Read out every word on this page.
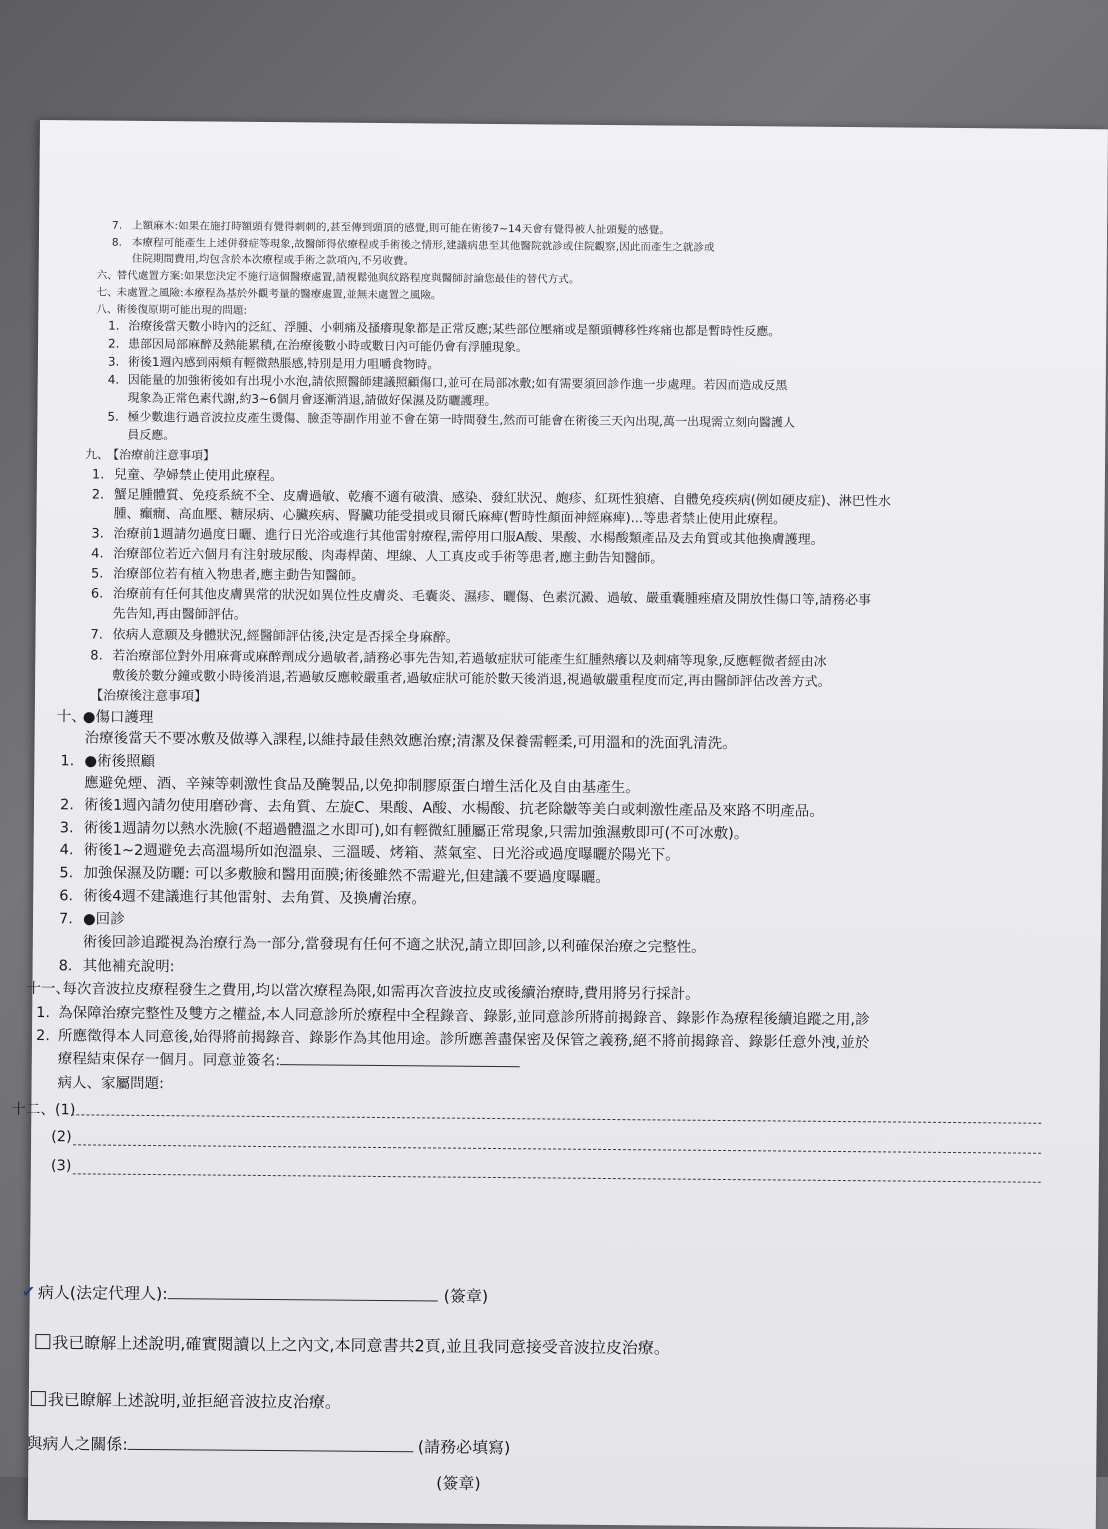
7. 上額麻木:如果在施打時額頭有覺得刺刺的,甚至傳到頭頂的感覺,則可能在術後7~14天會有覺得被人扯頭髮的感覺。
8. 本療程可能產生上述併發症等現象,故醫師得依療程或手術後之情形,建議病患至其他醫院就診或住院觀察,因此而產生之就診或
住院期間費用,均包含於本次療程或手術之款項內,不另收費。
六、替代處置方案:如果您決定不施行這個醫療處置,請視鬆弛與紋路程度與醫師討論您最佳的替代方式。
七、未處置之風險:本療程為基於外觀考量的醫療處置,並無未處置之風險。
八、術後復原期可能出現的問題:
1. 治療後當天數小時內的泛紅、浮腫、小刺痛及搔癢現象都是正常反應;某些部位壓痛或是額頭轉移性疼痛也都是暫時性反應。
2. 患部因局部麻醉及熱能累積,在治療後數小時或數日內可能仍會有浮腫現象。
3. 術後1週內感到兩頰有輕微熱脹感,特別是用力咀嚼食物時。
4. 因能量的加強術後如有出現小水泡,請依照醫師建議照顧傷口,並可在局部冰敷;如有需要須回診作進一步處理。若因而造成反黑
現象為正常色素代謝,約3~6個月會逐漸消退,請做好保濕及防曬護理。
5. 極少數進行過音波拉皮產生燙傷、臉歪等副作用並不會在第一時間發生,然而可能會在術後三天內出現,萬一出現需立刻向醫護人
員反應。
九、【治療前注意事項】
1. 兒童、孕婦禁止使用此療程。
2. 蟹足腫體質、免疫系統不全、皮膚過敏、乾癢不適有破潰、感染、發紅狀況、皰疹、紅斑性狼瘡、自體免疫疾病(例如硬皮症)、淋巴性水
腫、癲癇、高血壓、糖尿病、心臟疾病、腎臟功能受損或貝爾氏麻痺(暫時性顏面神經麻痺)...等患者禁止使用此療程。
3. 治療前1週請勿過度日曬、進行日光浴或進行其他雷射療程,需停用口服A酸、果酸、水楊酸類產品及去角質或其他換膚護理。
4. 治療部位若近六個月有注射玻尿酸、肉毒桿菌、埋線、人工真皮或手術等患者,應主動告知醫師。
5. 治療部位若有植入物患者,應主動告知醫師。
6. 治療前有任何其他皮膚異常的狀況如異位性皮膚炎、毛囊炎、濕疹、曬傷、色素沉澱、過敏、嚴重囊腫痤瘡及開放性傷口等,請務必事
先告知,再由醫師評估。
7. 依病人意願及身體狀況,經醫師評估後,決定是否採全身麻醉。
8. 若治療部位對外用麻膏或麻醉劑成分過敏者,請務必事先告知,若過敏症狀可能產生紅腫熱癢以及刺痛等現象,反應輕微者經由冰
敷後於數分鐘或數小時後消退,若過敏反應較嚴重者,過敏症狀可能於數天後消退,視過敏嚴重程度而定,再由醫師評估改善方式。
【治療後注意事項】
十、●傷口護理
治療後當天不要冰敷及做導入課程,以維持最佳熱效應治療;清潔及保養需輕柔,可用溫和的洗面乳清洗。
1. ●術後照顧
應避免煙、酒、辛辣等刺激性食品及醃製品,以免抑制膠原蛋白增生活化及自由基產生。
2. 術後1週內請勿使用磨砂膏、去角質、左旋C、果酸、A酸、水楊酸、抗老除皺等美白或刺激性產品及來路不明產品。
3. 術後1週請勿以熱水洗臉(不超過體溫之水即可),如有輕微紅腫屬正常現象,只需加強濕敷即可(不可冰敷)。
4. 術後1~2週避免去高溫場所如泡溫泉、三溫暖、烤箱、蒸氣室、日光浴或過度曝曬於陽光下。
5. 加強保濕及防曬: 可以多敷臉和醫用面膜;術後雖然不需避光,但建議不要過度曝曬。
6. 術後4週不建議進行其他雷射、去角質、及換膚治療。
7. ●回診
術後回診追蹤視為治療行為一部分,當發現有任何不適之狀況,請立即回診,以利確保治療之完整性。
8. 其他補充說明:
十一、每次音波拉皮療程發生之費用,均以當次療程為限,如需再次音波拉皮或後續治療時,費用將另行採計。
1. 為保障治療完整性及雙方之權益,本人同意診所於療程中全程錄音、錄影,並同意診所將前揭錄音、錄影作為療程後續追蹤之用,診
2. 所應徵得本人同意後,始得將前揭錄音、錄影作為其他用途。診所應善盡保密及保管之義務,絕不將前揭錄音、錄影任意外洩,並於
療程結束保存一個月。同意並簽名:
病人、家屬問題:
十二、(1)
(2)
(3)
✔ 病人(法定代理人):	(簽章)
我已瞭解上述說明,確實閱讀以上之內文,本同意書共2頁,並且我同意接受音波拉皮治療。
我已瞭解上述說明,並拒絕音波拉皮治療。
與病人之關係:	(請務必填寫)
(簽章)
